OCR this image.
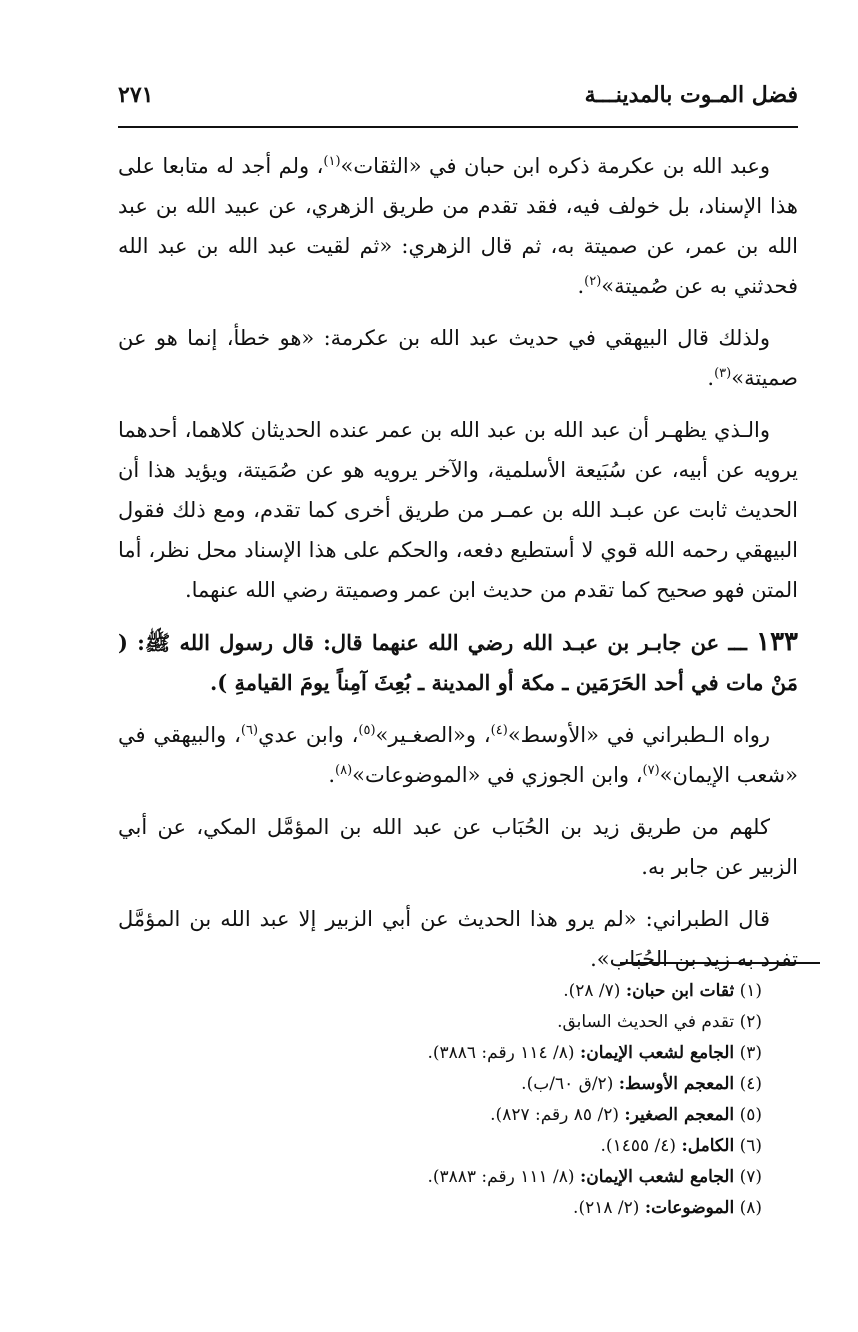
فضل المـوت بالمدينـــة
٢٧١

وعبد الله بن عكرمة ذكره ابن حبان في «الثقات»$^{(١)}$، ولم أجد له متابعا على هذا الإسناد، بل خولف فيه، فقد تقدم من طريق الزهري، عن عبيد الله بن عبد الله بن عمر، عن صميتة به، ثم قال الزهري: «ثم لقيت عبد الله بن عبد الله فحدثني به عن صُميتة»$^{(٢)}$.

ولذلك قال البيهقي في حديث عبد الله بن عكرمة: «هو خطأ، إنما هو عن صميتة»$^{(٣)}$.

والـذي يظهـر أن عبد الله بن عبد الله بن عمر عنده الحديثان كلاهما، أحدهما يرويه عن أبيه، عن سُبَيعة الأسلمية، والآخر يرويه هو عن صُمَيتة، ويؤيد هذا أن الحديث ثابت عن عبـد الله بن عمـر من طريق أخرى كما تقدم، ومع ذلك فقول البيهقي رحمه الله قوي لا أستطيع دفعه، والحكم على هذا الإسناد محل نظر، أما المتن فهو صحيح كما تقدم من حديث ابن عمر وصميتة رضي الله عنهما.

١٣٣ ـــ عن جابـر بن عبـد الله رضي الله عنهما قال: قال رسول الله ﷺ: ( مَنْ مات في أحد الحَرَمَين ـ مكة أو المدينة ـ بُعِثَ آمِناً يومَ القيامةِ ).

رواه الـطبراني في «الأوسط»$^{(٤)}$، و«الصغـير»$^{(٥)}$، وابن عدي$^{(٦)}$، والبيهقي في «شعب الإيمان»$^{(٧)}$، وابن الجوزي في «الموضوعات»$^{(٨)}$.

كلهم من طريق زيد بن الحُبَاب عن عبد الله بن المؤمَّل المكي، عن أبي الزبير عن جابر به.

قال الطبراني: «لم يرو هذا الحديث عن أبي الزبير إلا عبد الله بن المؤمَّل تفرد به زيد بن الحُبَاب».

(١) ثقات ابن حبان: (٧/ ٢٨).

(٢) تقدم في الحديث السابق.

(٣) الجامع لشعب الإيمان: (٨/ ١١٤ رقم: ٣٨٨٦).

(٤) المعجم الأوسط: (٢/ق ٦٠/ب).

(٥) المعجم الصغير: (٢/ ٨٥ رقم: ٨٢٧).

(٦) الكامل: (٤/ ١٤٥٥).

(٧) الجامع لشعب الإيمان: (٨/ ١١١ رقم: ٣٨٨٣).

(٨) الموضوعات: (٢/ ٢١٨).
